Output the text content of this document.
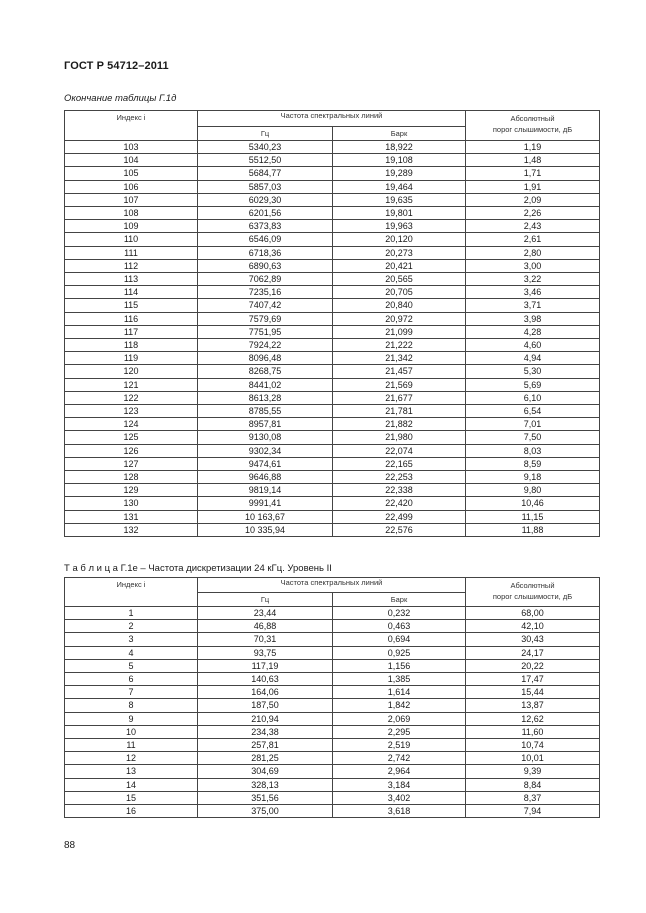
ГОСТ Р 54712–2011
Окончание таблицы Г.1д
Индекс i	Частота спектральных линий		Абсолютный
порог слышимости, дБ
	Гц	Барк	
103	5340,23	18,922	1,19
104	5512,50	19,108	1,48
105	5684,77	19,289	1,71
106	5857,03	19,464	1,91
107	6029,30	19,635	2,09
108	6201,56	19,801	2,26
109	6373,83	19,963	2,43
110	6546,09	20,120	2,61
111	6718,36	20,273	2,80
112	6890,63	20,421	3,00
113	7062,89	20,565	3,22
114	7235,16	20,705	3,46
115	7407,42	20,840	3,71
116	7579,69	20,972	3,98
117	7751,95	21,099	4,28
118	7924,22	21,222	4,60
119	8096,48	21,342	4,94
120	8268,75	21,457	5,30
121	8441,02	21,569	5,69
122	8613,28	21,677	6,10
123	8785,55	21,781	6,54
124	8957,81	21,882	7,01
125	9130,08	21,980	7,50
126	9302,34	22,074	8,03
127	9474,61	22,165	8,59
128	9646,88	22,253	9,18
129	9819,14	22,338	9,80
130	9991,41	22,420	10,46
131	10 163,67	22,499	11,15
132	10 335,94	22,576	11,88
Т а б л и ц а Г.1е – Частота дискретизации 24 кГц. Уровень II
Индекс i	Частота спектральных линий		Абсолютный
порог слышимости, дБ
	Гц	Барк	
1	23,44	0,232	68,00
2	46,88	0,463	42,10
3	70,31	0,694	30,43
4	93,75	0,925	24,17
5	117,19	1,156	20,22
6	140,63	1,385	17,47
7	164,06	1,614	15,44
8	187,50	1,842	13,87
9	210,94	2,069	12,62
10	234,38	2,295	11,60
11	257,81	2,519	10,74
12	281,25	2,742	10,01
13	304,69	2,964	9,39
14	328,13	3,184	8,84
15	351,56	3,402	8,37
16	375,00	3,618	7,94
88
